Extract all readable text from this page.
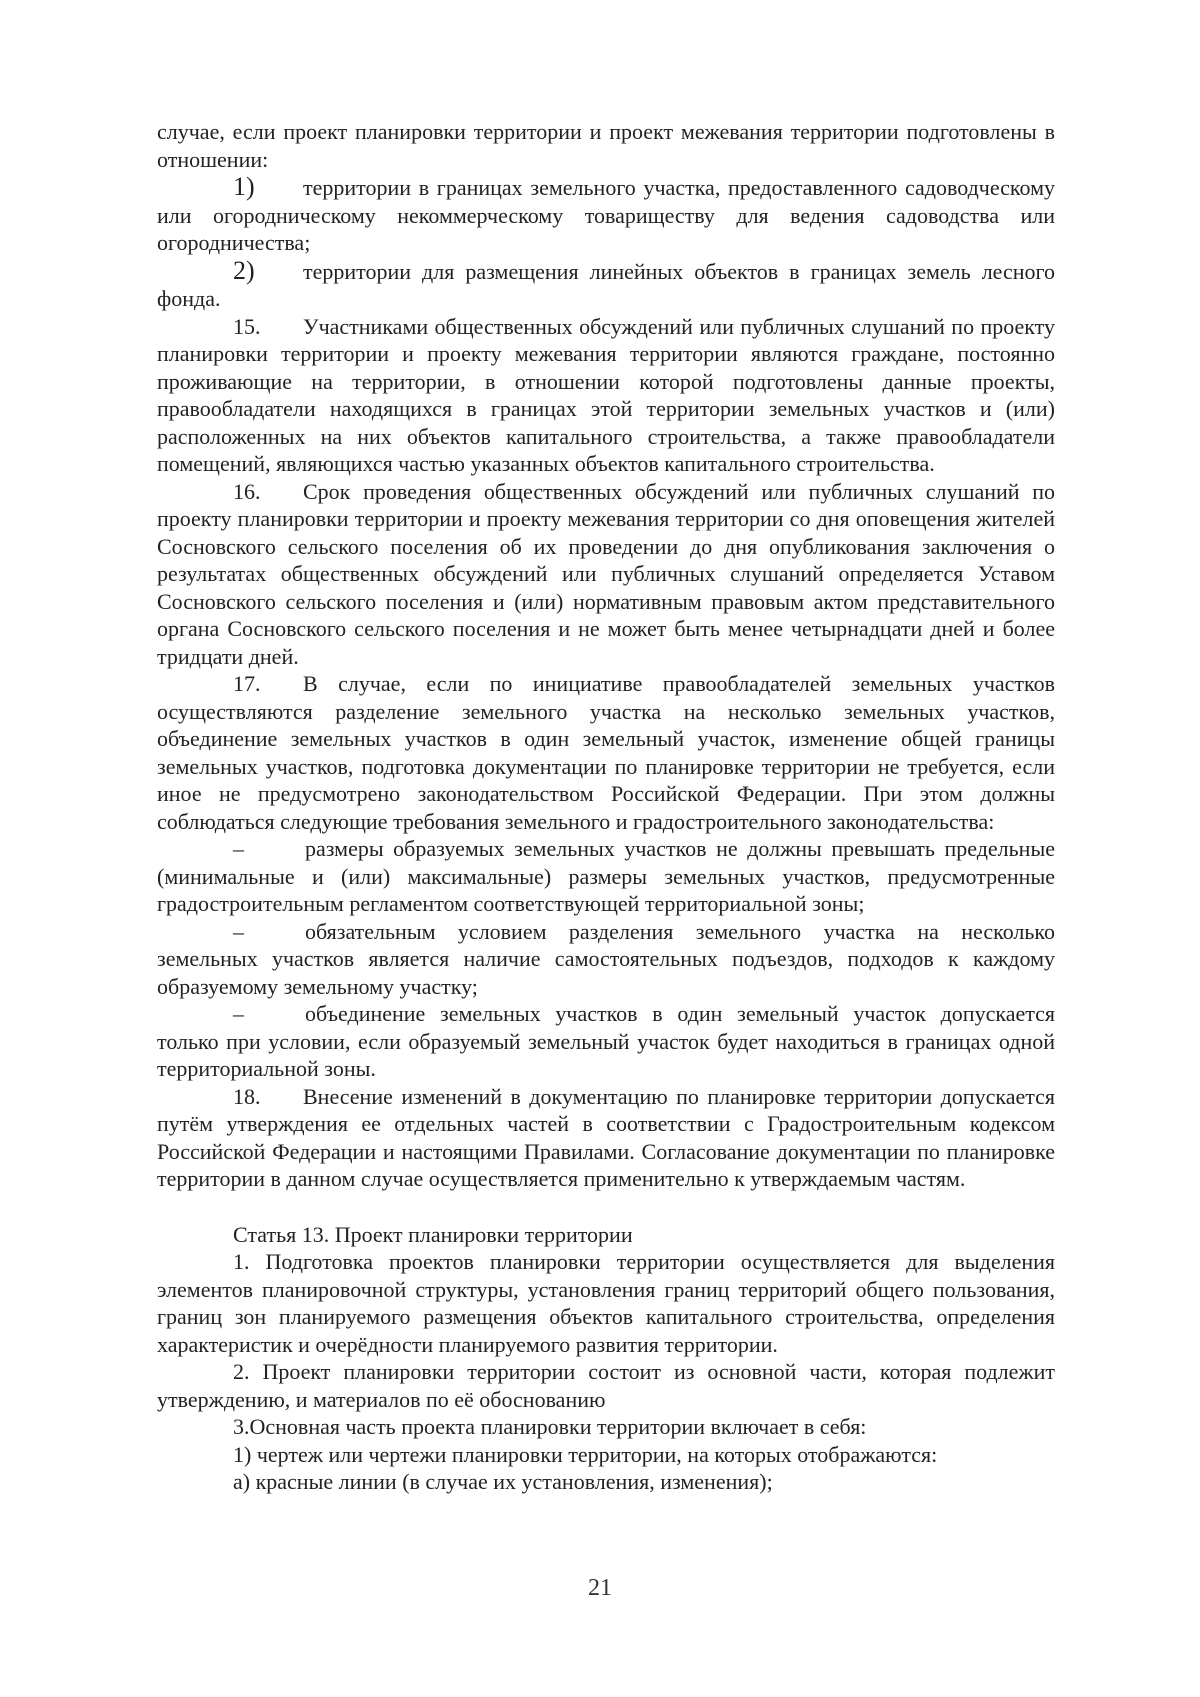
случае, если проект планировки территории и проект межевания территории подготовлены в отношении:

1) территории в границах земельного участка, предоставленного садоводческому или огородническому некоммерческому товариществу для ведения садоводства или огородничества;

2) территории для размещения линейных объектов в границах земель лесного фонда.

15. Участниками общественных обсуждений или публичных слушаний по проекту планировки территории и проекту межевания территории являются граждане, постоянно проживающие на территории, в отношении которой подготовлены данные проекты, правообладатели находящихся в границах этой территории земельных участков и (или) расположенных на них объектов капитального строительства, а также правообладатели помещений, являющихся частью указанных объектов капитального строительства.

16. Срок проведения общественных обсуждений или публичных слушаний по проекту планировки территории и проекту межевания территории со дня оповещения жителей Сосновского сельского поселения об их проведении до дня опубликования заключения о результатах общественных обсуждений или публичных слушаний определяется Уставом Сосновского сельского поселения и (или) нормативным правовым актом представительного органа Сосновского сельского поселения и не может быть менее четырнадцати дней и более тридцати дней.

17. В случае, если по инициативе правообладателей земельных участков осуществляются разделение земельного участка на несколько земельных участков, объединение земельных участков в один земельный участок, изменение общей границы земельных участков, подготовка документации по планировке территории не требуется, если иное не предусмотрено законодательством Российской Федерации. При этом должны соблюдаться следующие требования земельного и градостроительного законодательства:

–	размеры образуемых земельных участков не должны превышать предельные (минимальные и (или) максимальные) размеры земельных участков, предусмотренные градостроительным регламентом соответствующей территориальной зоны;

–	обязательным условием разделения земельного участка на несколько земельных участков является наличие самостоятельных подъездов, подходов к каждому образуемому земельному участку;

–	объединение земельных участков в один земельный участок допускается только при условии, если образуемый земельный участок будет находиться в границах одной территориальной зоны.

18. Внесение изменений в документацию по планировке территории допускается путём утверждения ее отдельных частей в соответствии с Градостроительным кодексом Российской Федерации и настоящими Правилами. Согласование документации по планировке территории в данном случае осуществляется применительно к утверждаемым частям.

Статья 13. Проект планировки территории

1. Подготовка проектов планировки территории осуществляется для выделения элементов планировочной структуры, установления границ территорий общего пользования, границ зон планируемого размещения объектов капитального строительства, определения характеристик и очерёдности планируемого развития территории.

2. Проект планировки территории состоит из основной части, которая подлежит утверждению, и материалов по её обоснованию

3.Основная часть проекта планировки территории включает в себя:

1) чертеж или чертежи планировки территории, на которых отображаются:

а) красные линии (в случае их установления, изменения);

21
